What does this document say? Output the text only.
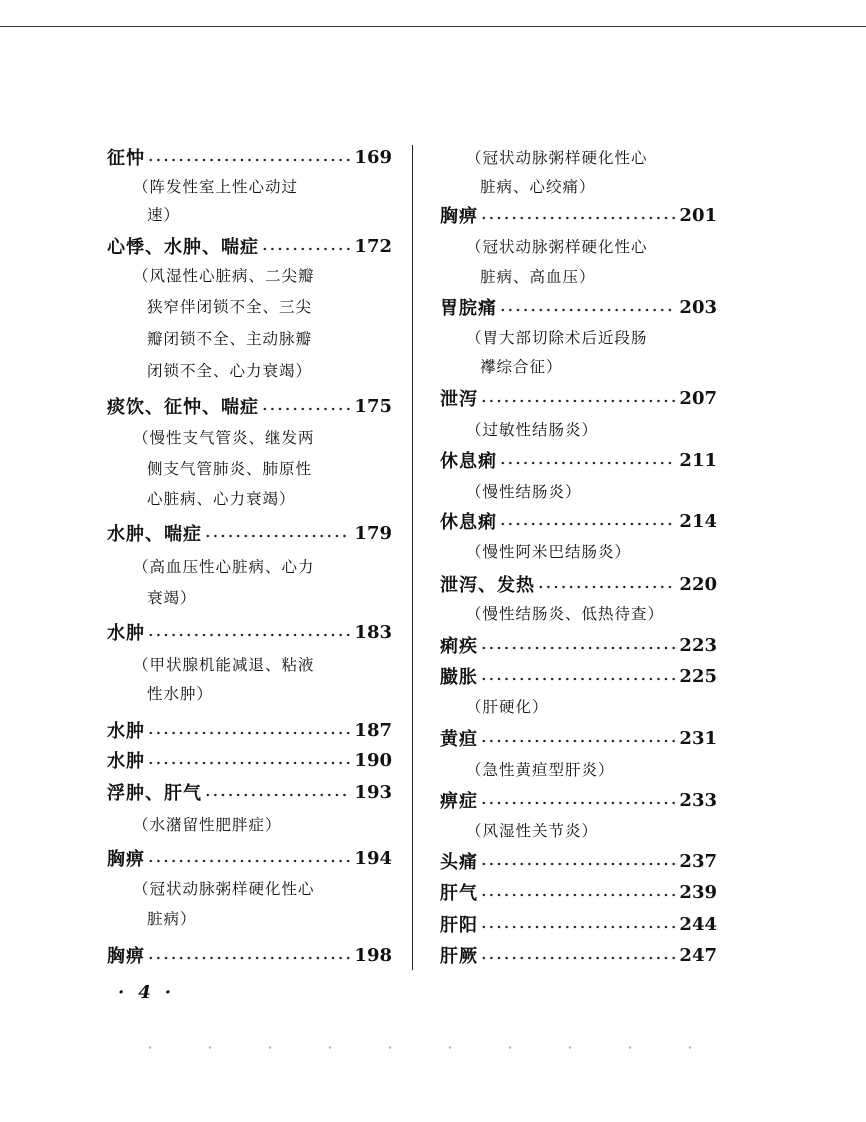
征忡	169
（阵发性室上性心动过
速）
心悸、水肿、喘症	172
（风湿性心脏病、二尖瓣
狭窄伴闭锁不全、三尖
瓣闭锁不全、主动脉瓣
闭锁不全、心力衰竭）
痰饮、征忡、喘症	175
（慢性支气管炎、继发两
侧支气管肺炎、肺原性
心脏病、心力衰竭）
水肿、喘症	179
（高血压性心脏病、心力
衰竭）
水肿	183
（甲状腺机能减退、粘液
性水肿）
水肿	187
水肿	190
浮肿、肝气	193
（水潴留性肥胖症）
胸痹	194
（冠状动脉粥样硬化性心
脏病）
胸痹	198
（冠状动脉粥样硬化性心
脏病、心绞痛）
胸痹	201
（冠状动脉粥样硬化性心
脏病、高血压）
胃脘痛	203
（胃大部切除术后近段肠
襻综合征）
泄泻	207
（过敏性结肠炎）
休息痢	211
（慢性结肠炎）
休息痢	214
（慢性阿米巴结肠炎）
泄泻、发热	220
（慢性结肠炎、低热待查）
痢疾	223
臌胀	225
（肝硬化）
黄疸	231
（急性黄疸型肝炎）
痹症	233
（风湿性关节炎）
头痛	237
肝气	239
肝阳	244
肝厥	247
·4·
